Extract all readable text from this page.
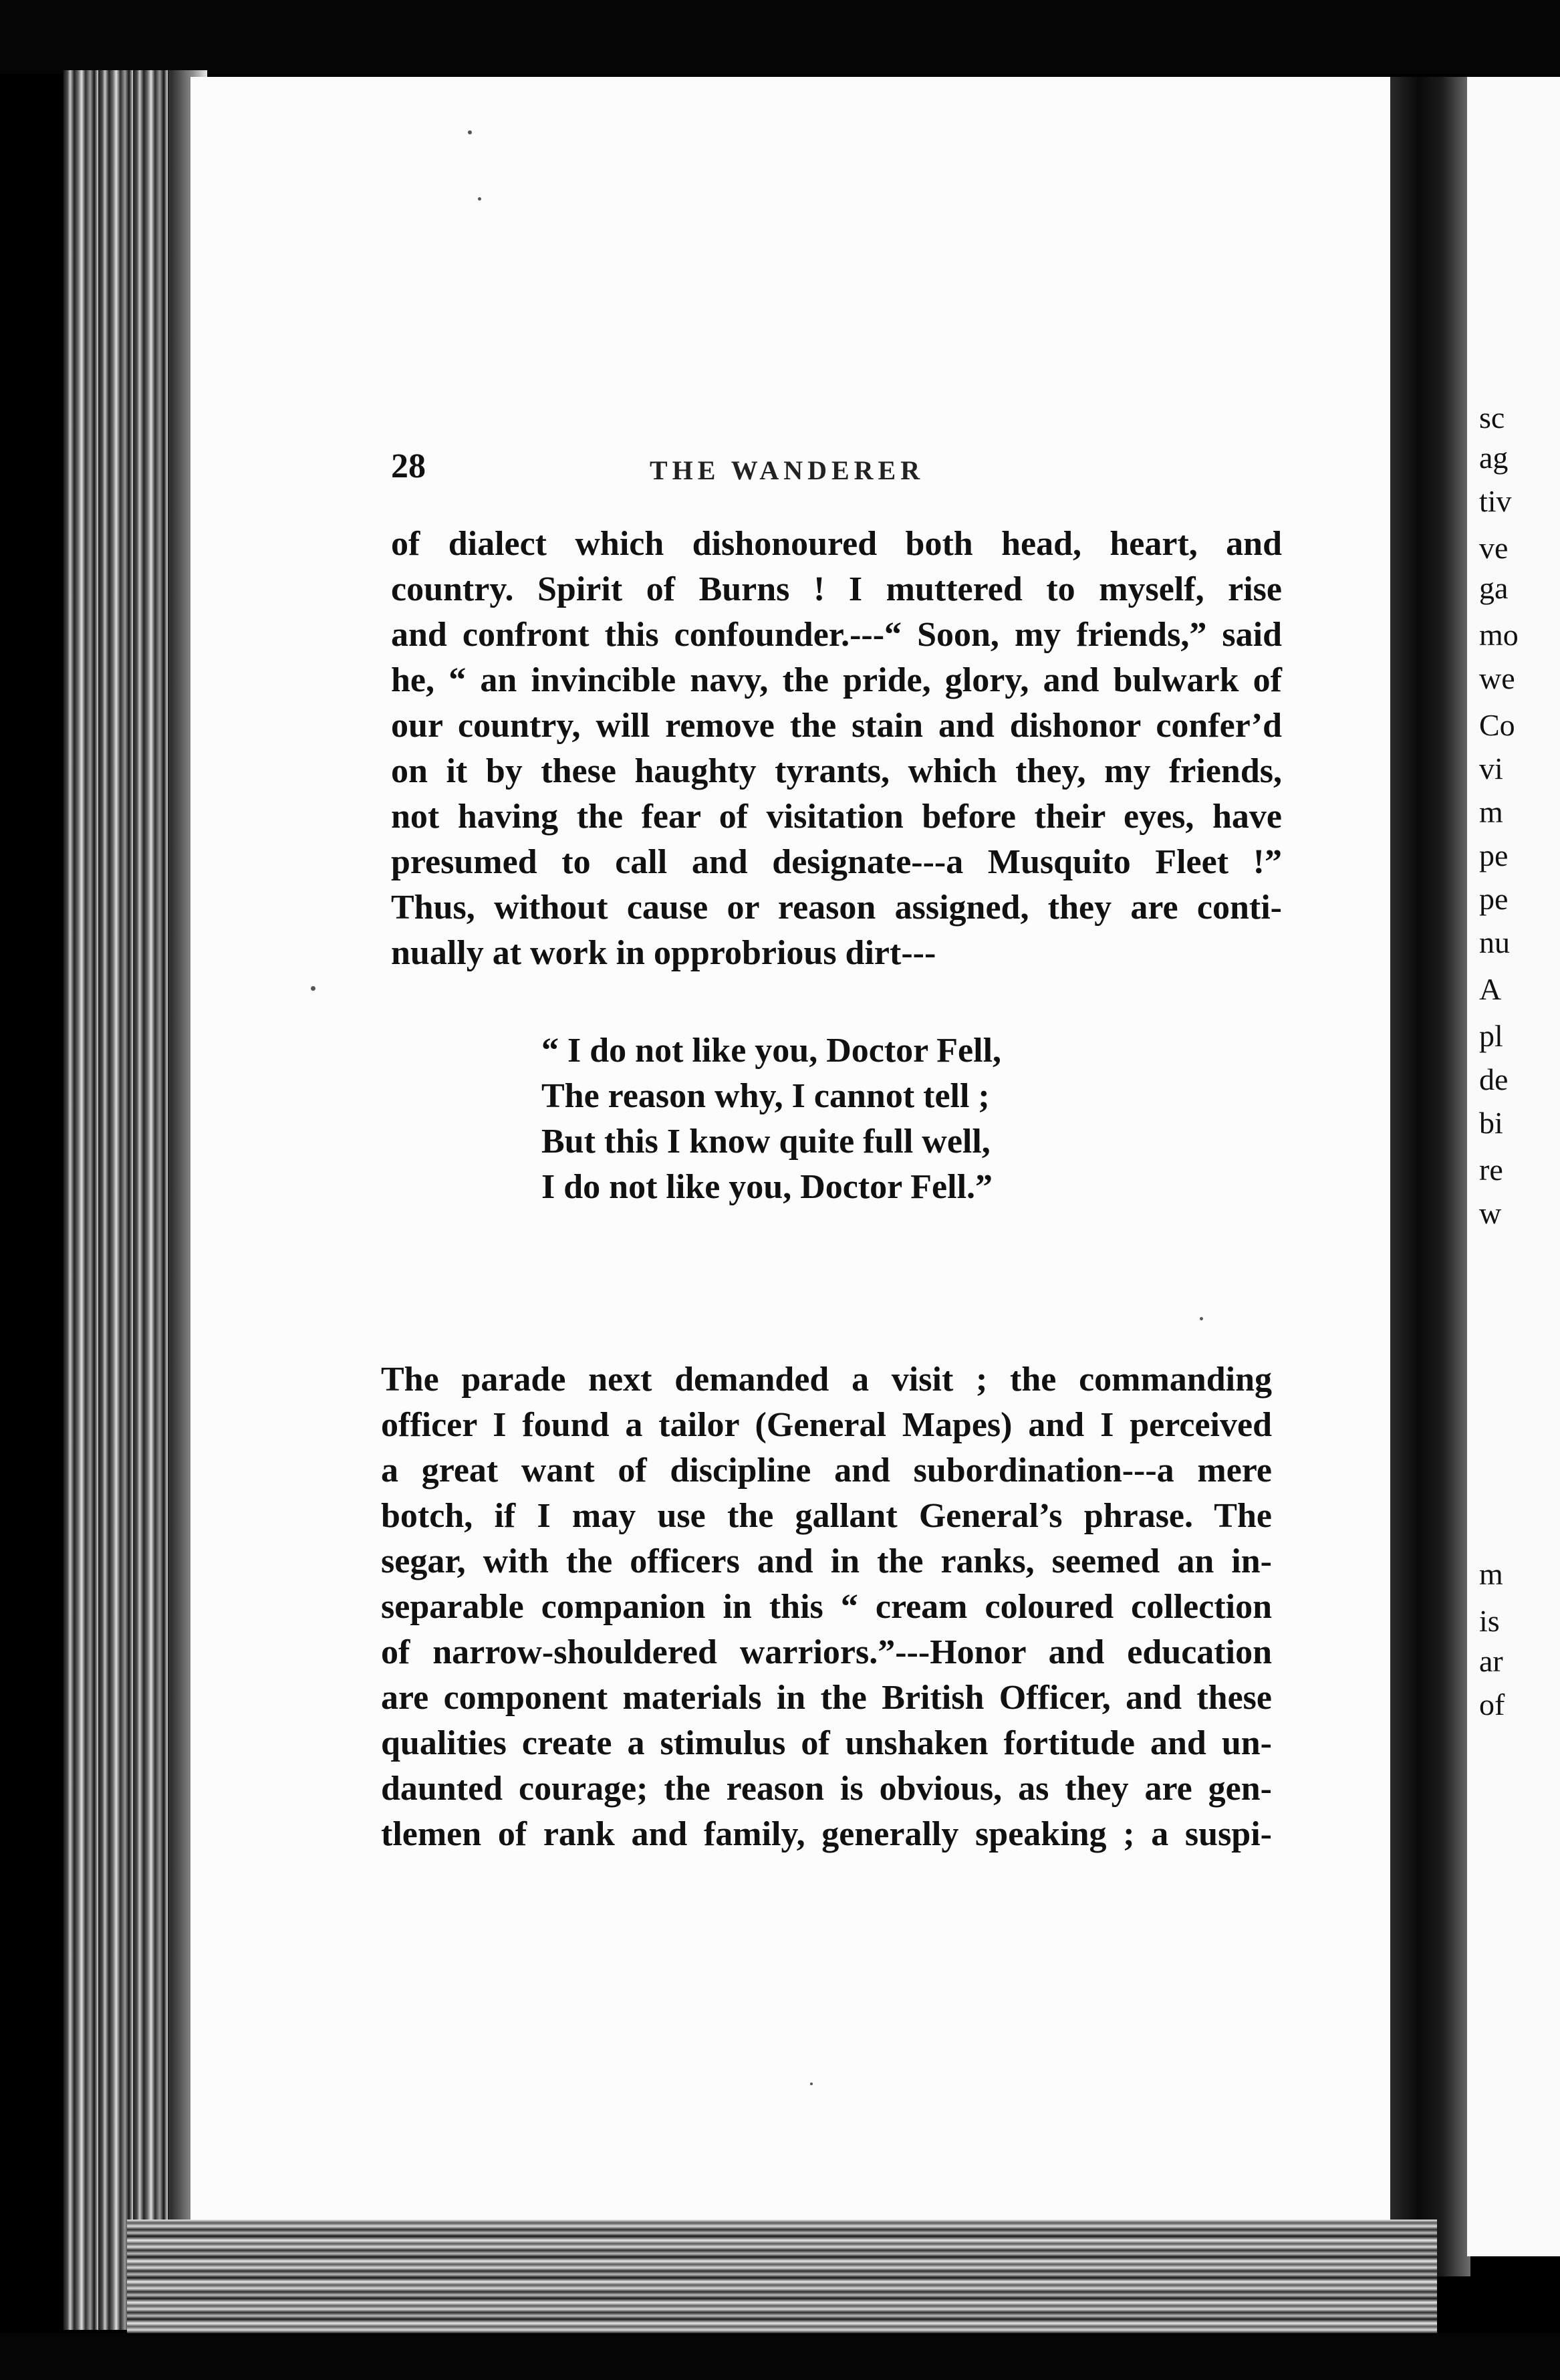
sc
ag
tiv
ve
ga
mo
we
Co
vi
m
pe
pe
nu
A
pl
de
bi
re
w
m
is
ar
of
28	THE WANDERER
of dialect which dishonoured both head, heart, and
country. Spirit of Burns ! I muttered to myself, rise
and confront this confounder.---“ Soon, my friends,” said
he, “ an invincible navy, the pride, glory, and bulwark of
our country, will remove the stain and dishonor confer’d
on it by these haughty tyrants, which they, my friends,
not having the fear of visitation before their eyes, have
presumed to call and designate---a Musquito Fleet !”
Thus, without cause or reason assigned, they are conti-
nually at work in opprobrious dirt---
“ I do not like you, Doctor Fell,
The reason why, I cannot tell ;
But this I know quite full well,
I do not like you, Doctor Fell.”
The parade next demanded a visit ; the commanding
officer I found a tailor (General Mapes) and I perceived
a great want of discipline and subordination---a mere
botch, if I may use the gallant General’s phrase. The
segar, with the officers and in the ranks, seemed an in-
separable companion in this “ cream coloured collection
of narrow-shouldered warriors.”---Honor and education
are component materials in the British Officer, and these
qualities create a stimulus of unshaken fortitude and un-
daunted courage; the reason is obvious, as they are gen-
tlemen of rank and family, generally speaking ; a suspi-
